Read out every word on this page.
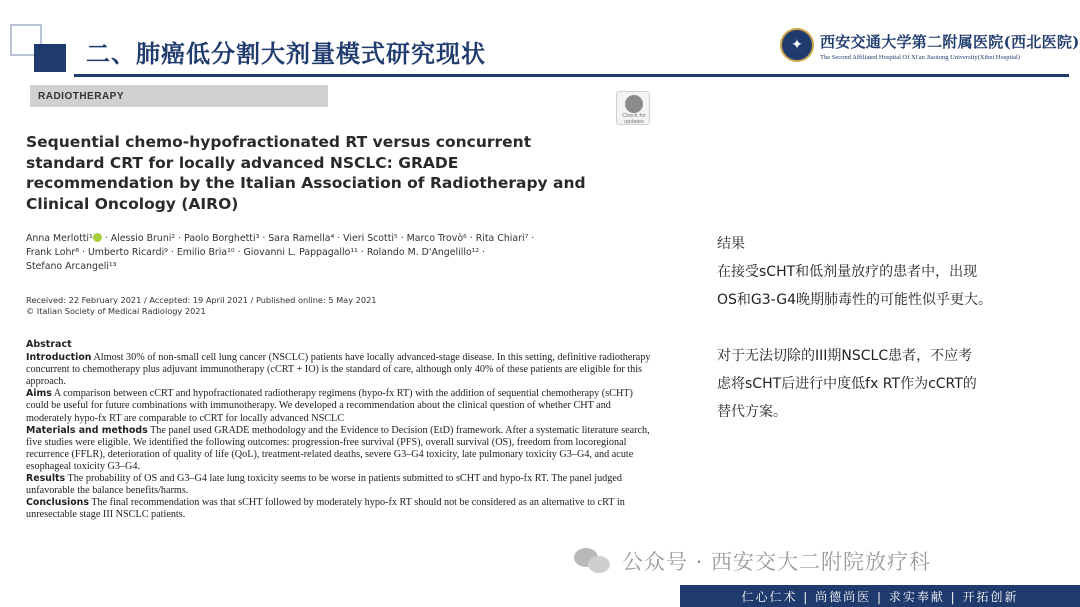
二、肺癌低分割大剂量模式研究现状	✦	西安交通大学第二附属医院(西北医院)
The Second Affiliated Hospital Of Xi'an Jiaotong University(Xibei Hospital)
RADIOTHERAPY
Check for updates
Sequential chemo-hypofractionated RT versus concurrent standard CRT for locally advanced NSCLC: GRADE recommendation by the Italian Association of Radiotherapy and Clinical Oncology (AIRO)
Anna Merlotti¹ · Alessio Bruni² · Paolo Borghetti³ · Sara Ramella⁴ · Vieri Scotti⁵ · Marco Trovò⁶ · Rita Chiari⁷ ·
Frank Lohr⁸ · Umberto Ricardi⁹ · Emilio Bria¹⁰ · Giovanni L. Pappagallo¹¹ · Rolando M. D'Angelillo¹² ·
Stefano Arcangeli¹³
Received: 22 February 2021 / Accepted: 19 April 2021 / Published online: 5 May 2021
© Italian Society of Medical Radiology 2021
Abstract

Introduction Almost 30% of non-small cell lung cancer (NSCLC) patients have locally advanced-stage disease. In this setting, definitive radiotherapy concurrent to chemotherapy plus adjuvant immunotherapy (cCRT + IO) is the standard of care, although only 40% of these patients are eligible for this approach.

Aims A comparison between cCRT and hypofractionated radiotherapy regimens (hypo-fx RT) with the addition of sequential chemotherapy (sCHT) could be useful for future combinations with immunotherapy. We developed a recommendation about the clinical question of whether CHT and moderately hypo-fx RT are comparable to cCRT for locally advanced NSCLC

Materials and methods The panel used GRADE methodology and the Evidence to Decision (EtD) framework. After a systematic literature search, five studies were eligible. We identified the following outcomes: progression-free survival (PFS), overall survival (OS), freedom from locoregional recurrence (FFLR), deterioration of quality of life (QoL), treatment-related deaths, severe G3–G4 toxicity, late pulmonary toxicity G3–G4, and acute esophageal toxicity G3–G4.

Results The probability of OS and G3–G4 late lung toxicity seems to be worse in patients submitted to sCHT and hypo-fx RT. The panel judged unfavorable the balance benefits/harms.

Conclusions The final recommendation was that sCHT followed by moderately hypo-fx RT should not be considered as an alternative to cRT in unresectable stage III NSCLC patients.

结果
在接受sCHT和低剂量放疗的患者中，出现
OS和G3-G4晚期肺毒性的可能性似乎更大。
对于无法切除的III期NSCLC患者，不应考
虑将sCHT后进行中度低fx RT作为cCRT的
替代方案。
公众号 · 西安交大二附院放疗科
仁心仁术 | 尚德尚医 | 求实奉献 | 开拓创新
